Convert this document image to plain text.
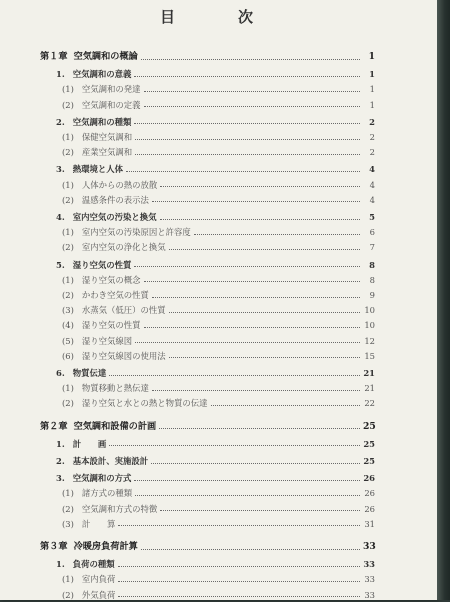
目　次
第１章 空気調和の概論	1
1. 空気調和の意義	1
(1) 空気調和の発達	1
(2) 空気調和の定義	1
2. 空気調和の種類	2
(1) 保健空気調和	2
(2) 産業空気調和	2
3. 熱環境と人体	4
(1) 人体からの熱の放散	4
(2) 温感条件の表示法	4
4. 室内空気の汚染と換気	5
(1) 室内空気の汚染原因と許容度	6
(2) 室内空気の浄化と換気	7
5. 湿り空気の性質	8
(1) 湿り空気の概念	8
(2) かわき空気の性質	9
(3) 水蒸気（低圧）の性質	10
(4) 湿り空気の性質	10
(5) 湿り空気線図	12
(6) 湿り空気線図の使用法	15
6. 物質伝達	21
(1) 物質移動と熱伝達	21
(2) 湿り空気と水との熱と物質の伝達	22
第２章 空気調和設備の計画	25
1. 計　　画	25
2. 基本設計、実施設計	25
3. 空気調和の方式	26
(1) 諸方式の種類	26
(2) 空気調和方式の特徴	26
(3) 計　　算	31
第３章 冷暖房負荷計算	33
1. 負荷の種類	33
(1) 室内負荷	33
(2) 外気負荷	33
